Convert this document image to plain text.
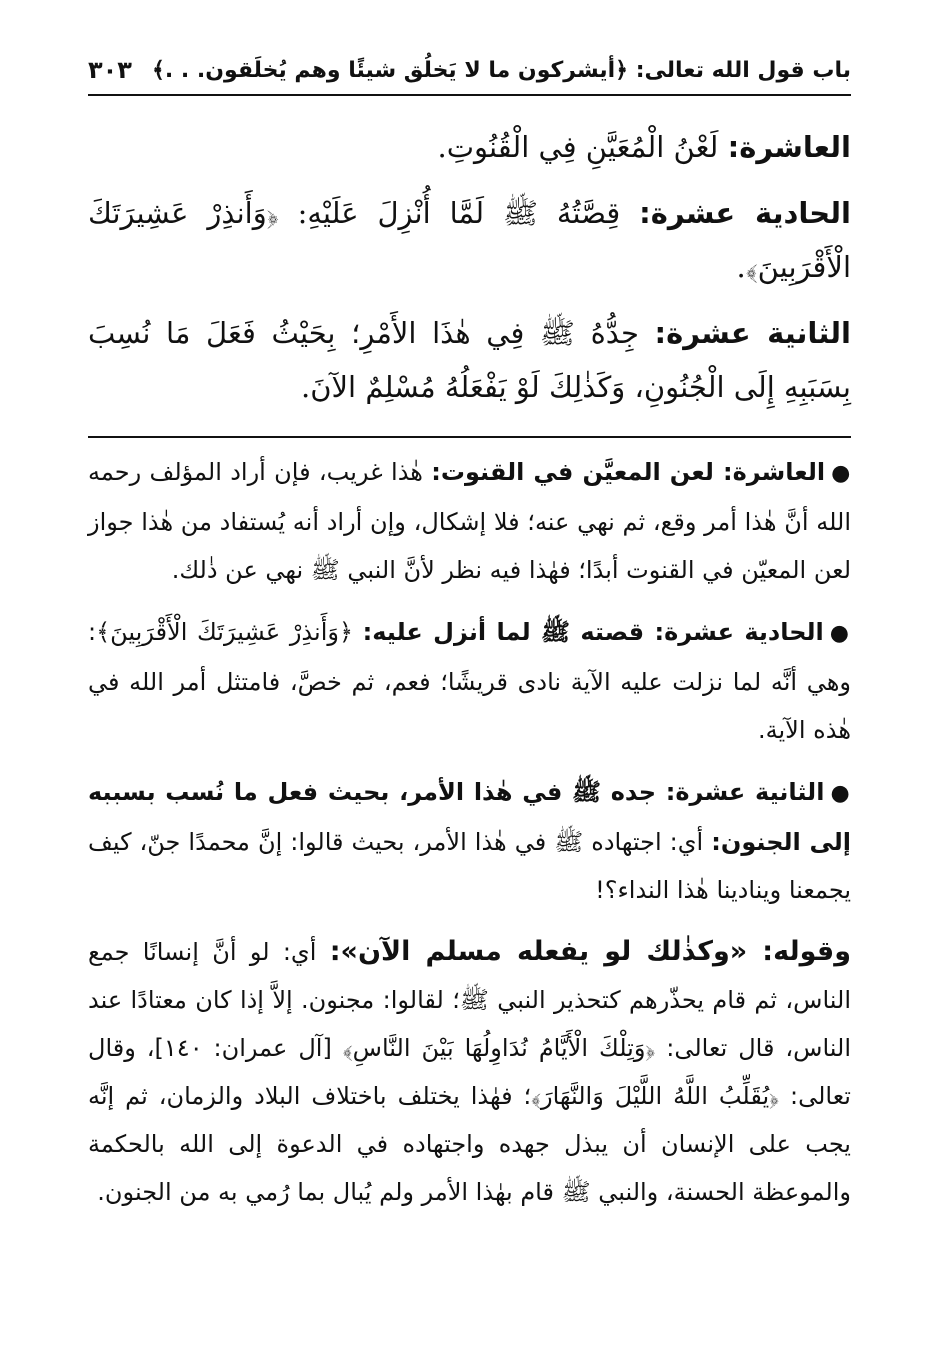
باب قول الله تعالى: ﴿أيشركون ما لا يَخلُق شيئًا وهم يُخلَقون. . .﴾
٣٠٣

العاشرة: لَعْنُ الْمُعَيَّنِ فِي الْقُنُوتِ.

الحادية عشرة: قِصَّتُهُ ﷺ لَمَّا أُنْزِلَ عَلَيْهِ: ﴿وَأَنذِرْ عَشِيرَتَكَ الْأَقْرَبِينَ﴾.

الثانية عشرة: جِدُّهُ ﷺ فِي هٰذَا الأَمْرِ؛ بِحَيْثُ فَعَلَ مَا نُسِبَ بِسَبَبِهِ إِلَى الْجُنُونِ، وَكَذٰلِكَ لَوْ يَفْعَلُهُ مُسْلِمٌ الآنَ.

●العاشرة: لعن المعيَّن في القنوت: هٰذا غريب، فإن أراد المؤلف رحمه الله أنَّ هٰذا أمر وقع، ثم نهي عنه؛ فلا إشكال، وإن أراد أنه يُستفاد من هٰذا جواز لعن المعيّن في القنوت أبدًا؛ فهٰذا فيه نظر لأنَّ النبي ﷺ نهي عن ذٰلك.

●الحادية عشرة: قصته ﷺ لما أنزل عليه: ﴿وَأَنذِرْ عَشِيرَتَكَ الْأَقْرَبِينَ﴾: وهي أنَّه لما نزلت عليه الآية نادى قريشًا؛ فعم، ثم خصَّ، فامتثل أمر الله في هٰذه الآية.

●الثانية عشرة: جده ﷺ في هٰذا الأمر، بحيث فعل ما نُسب بسببه إلى الجنون: أي: اجتهاده ﷺ في هٰذا الأمر، بحيث قالوا: إنَّ محمدًا جنّ، كيف يجمعنا وينادينا هٰذا النداء؟!

وقوله: «وكذٰلك لو يفعله مسلم الآن»: أي: لو أنَّ إنسانًا جمع الناس، ثم قام يحذّرهم كتحذير النبي ﷺ؛ لقالوا: مجنون. إلاَّ إذا كان معتادًا عند الناس، قال تعالى: ﴿وَتِلْكَ الْأَيَّامُ نُدَاوِلُهَا بَيْنَ النَّاسِ﴾ [آل عمران: ١٤٠]، وقال تعالى: ﴿يُقَلِّبُ اللَّهُ اللَّيْلَ وَالنَّهَارَ﴾؛ فهٰذا يختلف باختلاف البلاد والزمان، ثم إنَّه يجب على الإنسان أن يبذل جهده واجتهاده في الدعوة إلى الله بالحكمة والموعظة الحسنة، والنبي ﷺ قام بهٰذا الأمر ولم يُبال بما رُمي به من الجنون.
